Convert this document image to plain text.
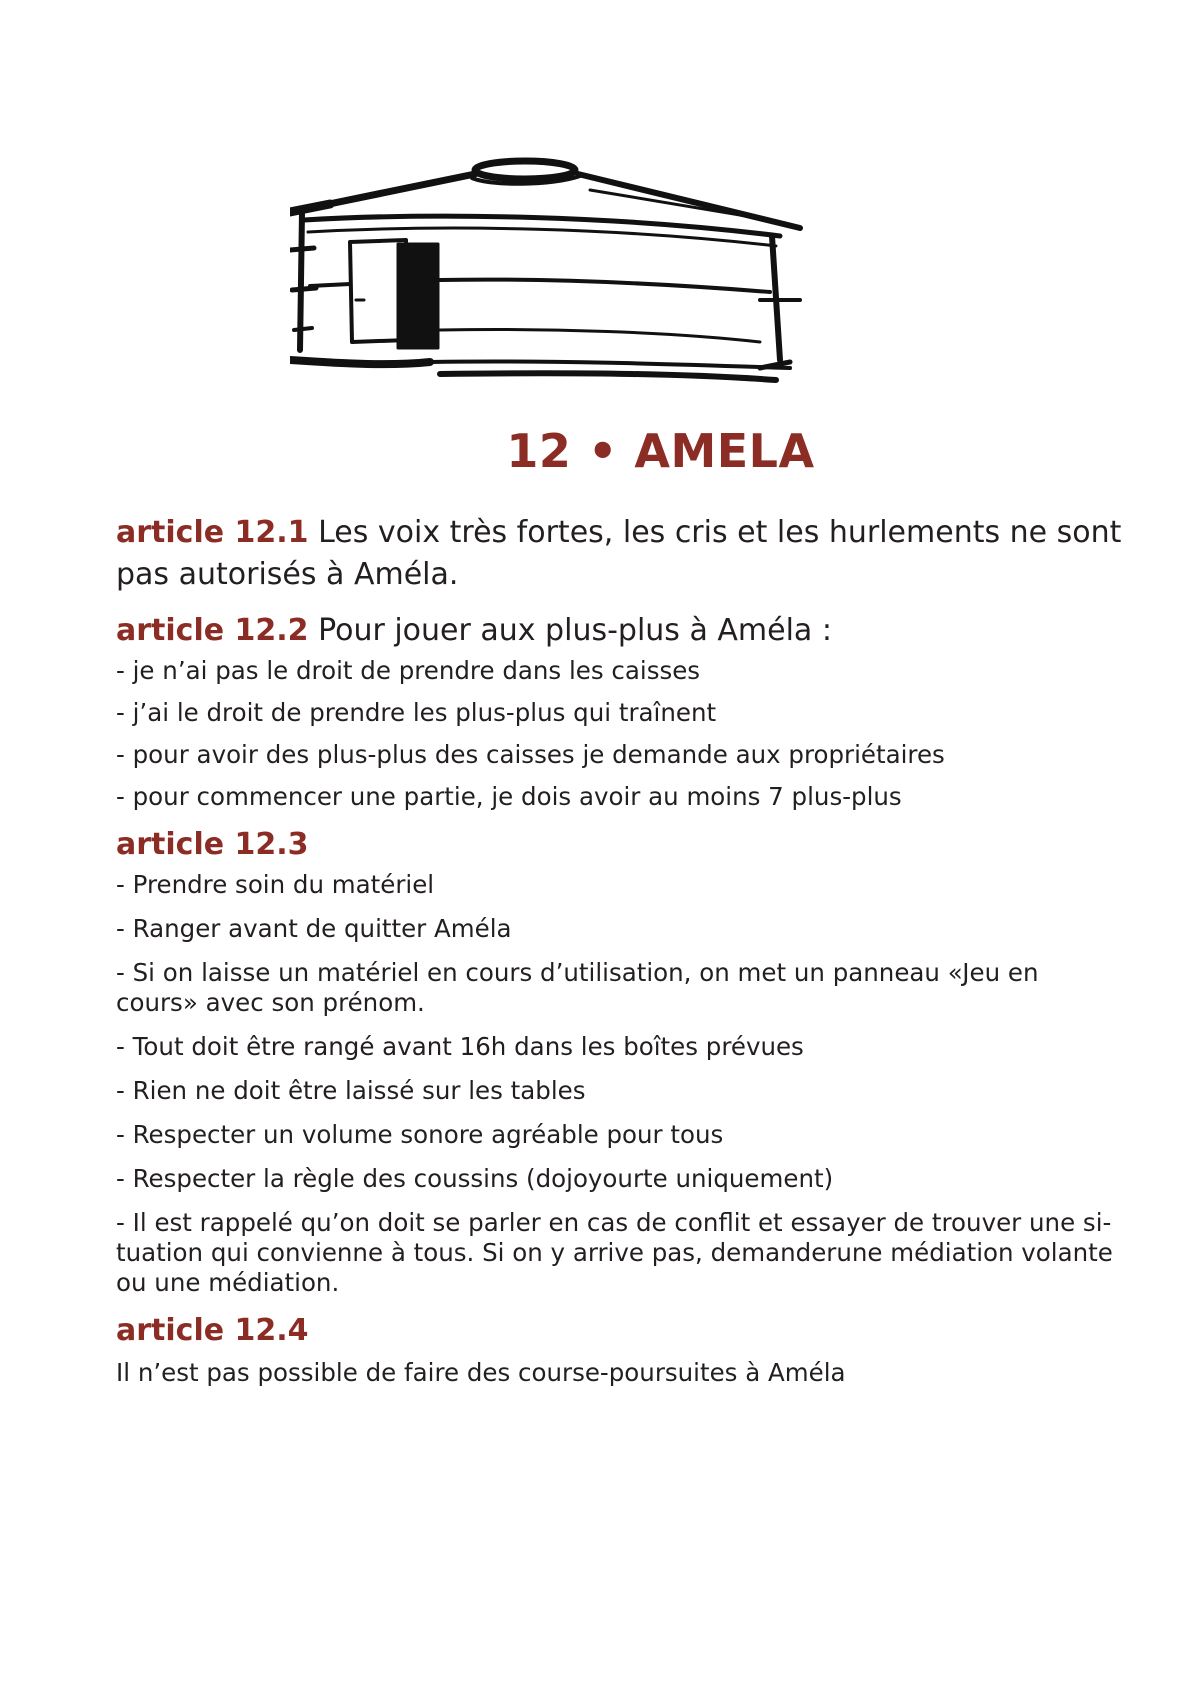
12 • AMELA

article 12.1 Les voix très fortes, les cris et les hurlements ne sont pas autorisés à Améla.

article 12.2 Pour jouer aux plus-plus à Améla :

- je n’ai pas le droit de prendre dans les caisses

- j’ai le droit de prendre les plus-plus qui traînent

- pour avoir des plus-plus des caisses je demande aux propriétaires

- pour commencer une partie, je dois avoir au moins 7 plus-plus

article 12.3

- Prendre soin du matériel

- Ranger avant de quitter Améla

- Si on laisse un matériel en cours d’utilisation, on met un panneau «Jeu en cours» avec son prénom.

- Tout doit être rangé avant 16h dans les boîtes prévues

- Rien ne doit être laissé sur les tables

- Respecter un volume sonore agréable pour tous

- Respecter la règle des coussins (dojoyourte uniquement)

- Il est rappelé qu’on doit se parler en cas de conflit et essayer de trouver une si-tuation qui convienne à tous. Si on y arrive pas, demanderune médiation volante ou une médiation.

article 12.4

Il n’est pas possible de faire des course-poursuites à Améla
